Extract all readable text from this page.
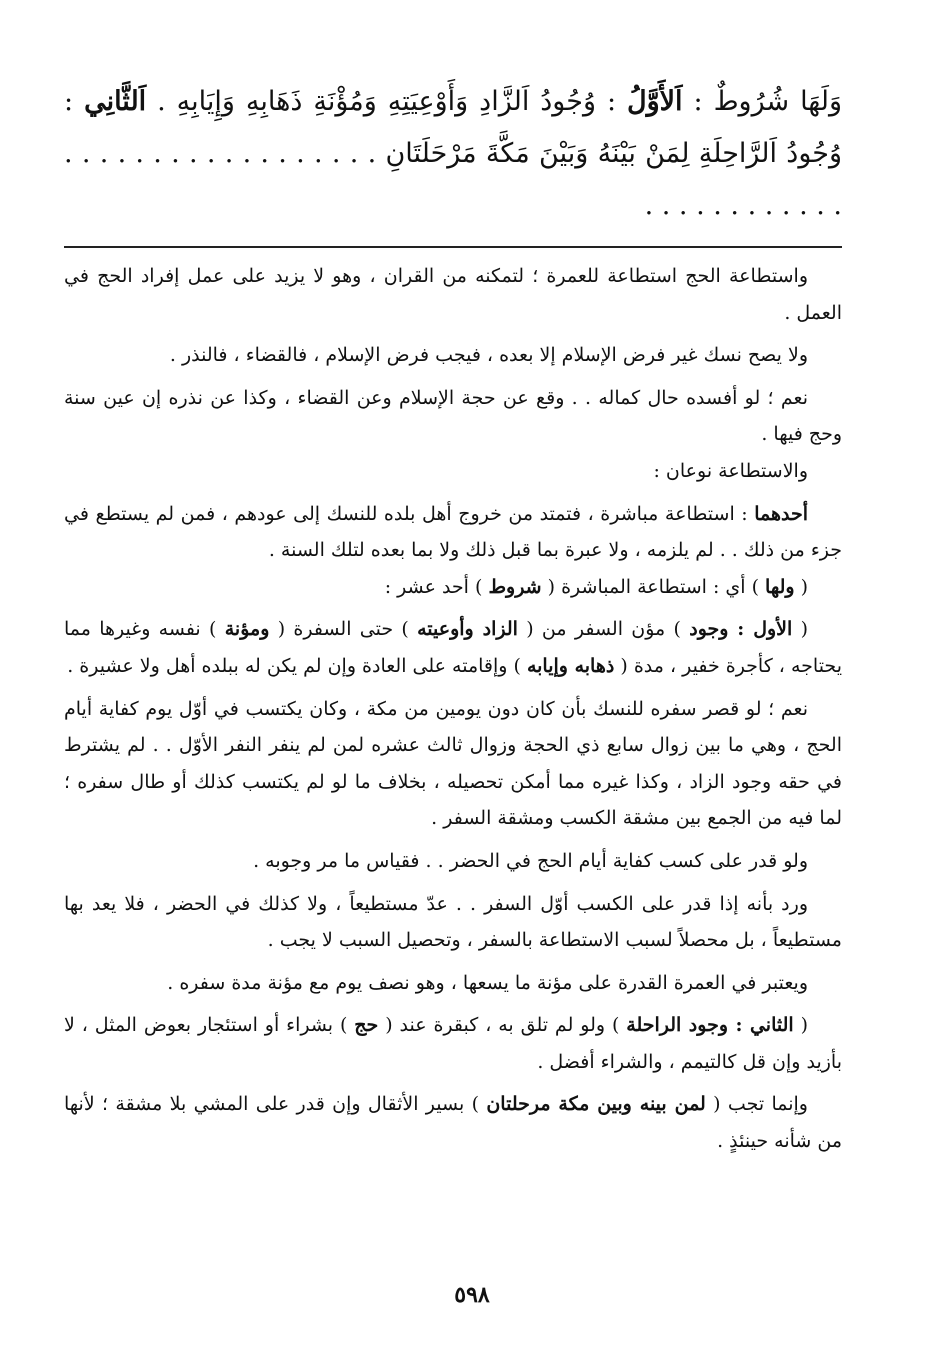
وَلَهَا شُرُوطٌ : اَلأَوَّلُ : وُجُودُ اَلزَّادِ وَأَوْعِيَتِهِ وَمُؤْنَةِ ذَهَابِهِ وَإِيَابِهِ . اَلثَّانِي : وُجُودُ اَلرَّاحِلَةِ لِمَنْ بَيْنَهُ وَبَيْنَ مَكَّةَ مَرْحَلَتَانِ . . . . . . . . . . . . . . . . . . . . . . . . . . . . . .

واستطاعة الحج استطاعة للعمرة ؛ لتمكنه من القران ، وهو لا يزيد على عمل إفراد الحج في العمل .

ولا يصح نسك غير فرض الإسلام إلا بعده ، فيجب فرض الإسلام ، فالقضاء ، فالنذر .

نعم ؛ لو أفسده حال كماله . . وقع عن حجة الإسلام وعن القضاء ، وكذا عن نذره إن عين سنة وحج فيها .

والاستطاعة نوعان :

أحدهما : استطاعة مباشرة ، فتمتد من خروج أهل بلده للنسك إلى عودهم ، فمن لم يستطع في جزء من ذلك . . لم يلزمه ، ولا عبرة بما قبل ذلك ولا بما بعده لتلك السنة .

( ولها ) أي : استطاعة المباشرة ( شروط ) أحد عشر :

( الأول : وجود ) مؤن السفر من ( الزاد وأوعيته ) حتى السفرة ( ومؤنة ) نفسه وغيرها مما يحتاجه ، كأجرة خفير ، مدة ( ذهابه وإيابه ) وإقامته على العادة وإن لم يكن له ببلده أهل ولا عشيرة .

نعم ؛ لو قصر سفره للنسك بأن كان دون يومين من مكة ، وكان يكتسب في أوّل يوم كفاية أيام الحج ، وهي ما بين زوال سابع ذي الحجة وزوال ثالث عشره لمن لم ينفر النفر الأوّل . . لم يشترط في حقه وجود الزاد ، وكذا غيره مما أمكن تحصيله ، بخلاف ما لو لم يكتسب كذلك أو طال سفره ؛ لما فيه من الجمع بين مشقة الكسب ومشقة السفر .

ولو قدر على كسب كفاية أيام الحج في الحضر . . فقياس ما مر وجوبه .

ورد بأنه إذا قدر على الكسب أوّل السفر . . عدّ مستطيعاً ، ولا كذلك في الحضر ، فلا يعد بها مستطيعاً ، بل محصلاً لسبب الاستطاعة بالسفر ، وتحصيل السبب لا يجب .

ويعتبر في العمرة القدرة على مؤنة ما يسعها ، وهو نصف يوم مع مؤنة مدة سفره .

( الثاني : وجود الراحلة ) ولو لم تلق به ، كبقرة عند ( حج ) بشراء أو استئجار بعوض المثل ، لا بأزيد وإن قل كالتيمم ، والشراء أفضل .

وإنما تجب ( لمن بينه وبين مكة مرحلتان ) بسير الأثقال وإن قدر على المشي بلا مشقة ؛ لأنها من شأنه حينئذٍ .

٥٩٨
